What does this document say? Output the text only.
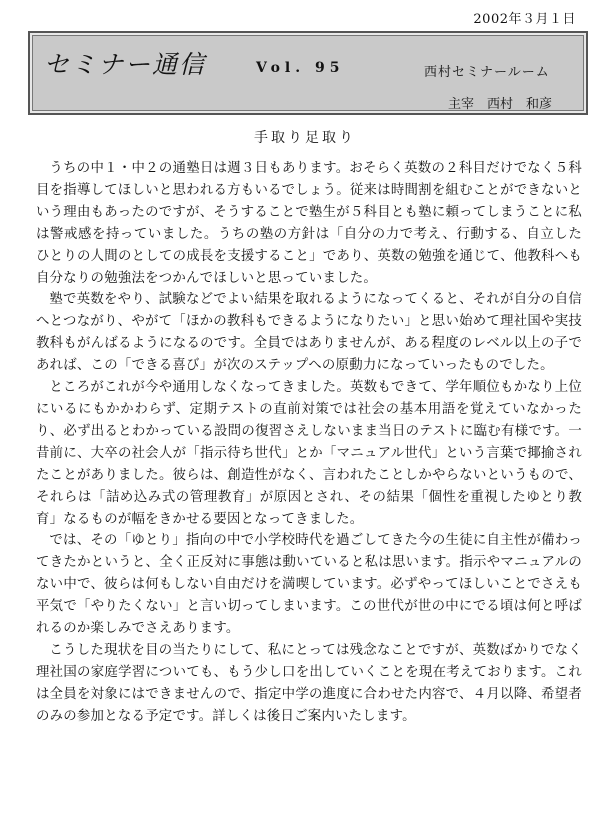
2002年３月１日
セミナー通信	Vol. 95	西村セミナールーム
主宰　西村　和彦
手取り足取り

うちの中１・中２の通塾日は週３日もあります。おそらく英数の２科目だけでなく５科目を指導してほしいと思われる方もいるでしょう。従来は時間割を組むことができないという理由もあったのですが、そうすることで塾生が５科目とも塾に頼ってしまうことに私は警戒感を持っていました。うちの塾の方針は「自分の力で考え、行動する、自立したひとりの人間のとしての成長を支援すること」であり、英数の勉強を通じて、他教科へも自分なりの勉強法をつかんでほしいと思っていました。

塾で英数をやり、試験などでよい結果を取れるようになってくると、それが自分の自信へとつながり、やがて「ほかの教科もできるようになりたい」と思い始めて理社国や実技教科もがんばるようになるのです。全員ではありませんが、ある程度のレベル以上の子であれば、この「できる喜び」が次のステップへの原動力になっていったものでした。

ところがこれが今や通用しなくなってきました。英数もできて、学年順位もかなり上位にいるにもかかわらず、定期テストの直前対策では社会の基本用語を覚えていなかったり、必ず出るとわかっている設問の復習さえしないまま当日のテストに臨む有様です。一昔前に、大卒の社会人が「指示待ち世代」とか「マニュアル世代」という言葉で揶揄されたことがありました。彼らは、創造性がなく、言われたことしかやらないというもので、それらは「詰め込み式の管理教育」が原因とされ、その結果「個性を重視したゆとり教育」なるものが幅をきかせる要因となってきました。

では、その「ゆとり」指向の中で小学校時代を過ごしてきた今の生徒に自主性が備わってきたかというと、全く正反対に事態は動いていると私は思います。指示やマニュアルのない中で、彼らは何もしない自由だけを満喫しています。必ずやってほしいことでさえも平気で「やりたくない」と言い切ってしまいます。この世代が世の中にでる頃は何と呼ばれるのか楽しみでさえあります。

こうした現状を目の当たりにして、私にとっては残念なことですが、英数ばかりでなく理社国の家庭学習についても、もう少し口を出していくことを現在考えております。これは全員を対象にはできませんので、指定中学の進度に合わせた内容で、４月以降、希望者のみの参加となる予定です。詳しくは後日ご案内いたします。
